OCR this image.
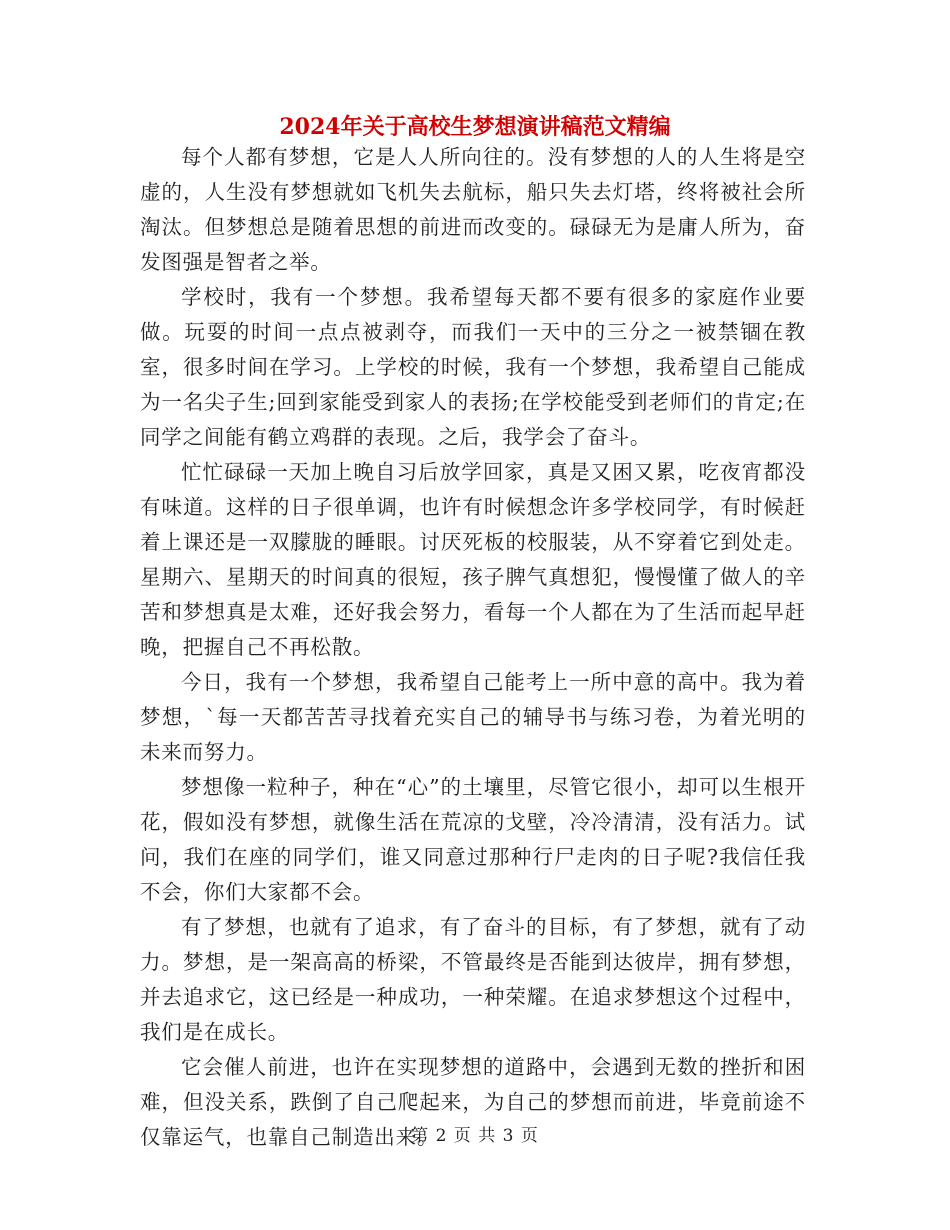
2024年关于高校生梦想演讲稿范文精编

每个人都有梦想，它是人人所向往的。没有梦想的人的人生将是空虚的，人生没有梦想就如飞机失去航标，船只失去灯塔，终将被社会所淘汰。但梦想总是随着思想的前进而改变的。碌碌无为是庸人所为，奋发图强是智者之举。

学校时，我有一个梦想。我希望每天都不要有很多的家庭作业要做。玩耍的时间一点点被剥夺，而我们一天中的三分之一被禁锢在教室，很多时间在学习。上学校的时候，我有一个梦想，我希望自己能成为一名尖子生;回到家能受到家人的表扬;在学校能受到老师们的肯定;在同学之间能有鹤立鸡群的表现。之后，我学会了奋斗。

忙忙碌碌一天加上晚自习后放学回家，真是又困又累，吃夜宵都没有味道。这样的日子很单调，也许有时候想念许多学校同学，有时候赶着上课还是一双朦胧的睡眼。讨厌死板的校服装，从不穿着它到处走。星期六、星期天的时间真的很短，孩子脾气真想犯，慢慢懂了做人的辛苦和梦想真是太难，还好我会努力，看每一个人都在为了生活而起早赶晚，把握自己不再松散。

今日，我有一个梦想，我希望自己能考上一所中意的高中。我为着梦想，`每一天都苦苦寻找着充实自己的辅导书与练习卷，为着光明的未来而努力。

梦想像一粒种子，种在“心”的土壤里，尽管它很小，却可以生根开花，假如没有梦想，就像生活在荒凉的戈壁，冷冷清清，没有活力。试问，我们在座的同学们，谁又同意过那种行尸走肉的日子呢?我信任我不会，你们大家都不会。

有了梦想，也就有了追求，有了奋斗的目标，有了梦想，就有了动力。梦想，是一架高高的桥梁，不管最终是否能到达彼岸，拥有梦想，并去追求它，这已经是一种成功，一种荣耀。在追求梦想这个过程中，我们是在成长。

它会催人前进，也许在实现梦想的道路中，会遇到无数的挫折和困难，但没关系，跌倒了自己爬起来，为自己的梦想而前进，毕竟前途不仅靠运气，也靠自己制造出来。

第 2 页 共 3 页
